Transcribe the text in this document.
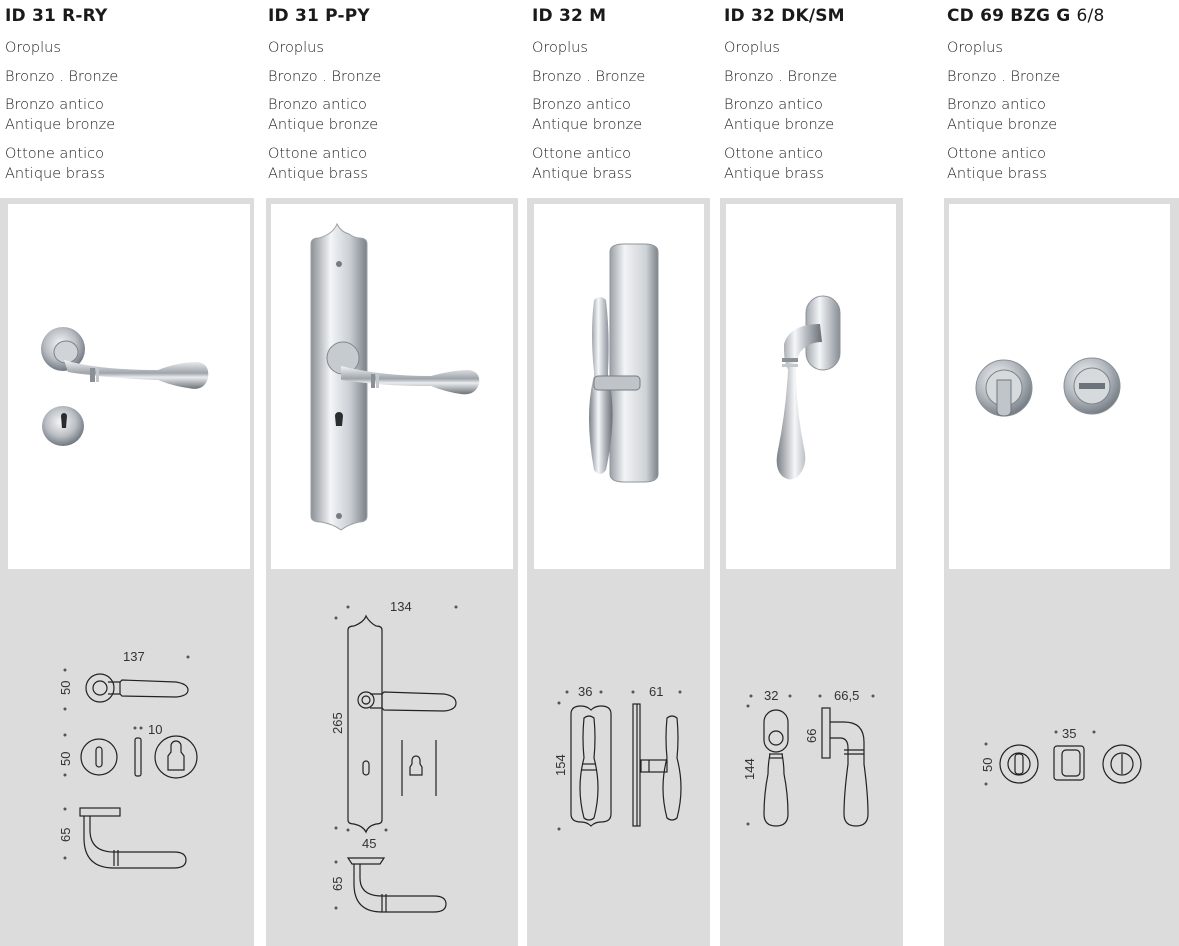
ID 31 R-RY
Oroplus
Bronzo . Bronze
Bronzo antico
Antique bronze
Ottone antico
Antique brass
137
50
50
10
65
ID 31 P-PY
Oroplus
Bronzo . Bronze
Bronzo antico
Antique bronze
Ottone antico
Antique brass
134
265
45
65
ID 32 M
Oroplus
Bronzo . Bronze
Bronzo antico
Antique bronze
Ottone antico
Antique brass
36	61
154
ID 32 DK/SM
Oroplus
Bronzo . Bronze
Bronzo antico
Antique bronze
Ottone antico
Antique brass
32	66,5
144
66
CD 69 BZG G 6/8
Oroplus
Bronzo . Bronze
Bronzo antico
Antique bronze
Ottone antico
Antique brass
35
50
